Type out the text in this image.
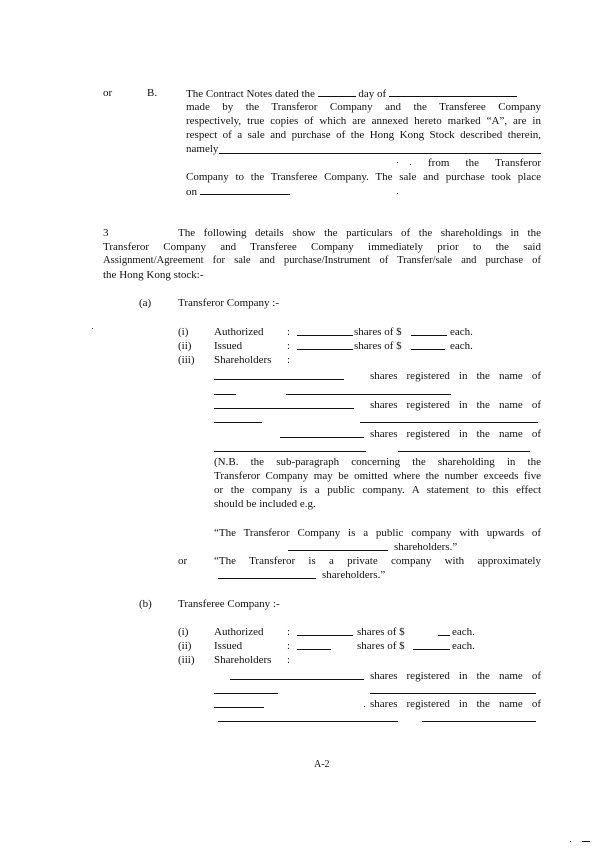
or	B.	The Contract Notes dated the	day of
made by the Transferor Company and the Transferee Company
respectively, true copies of which are annexed hereto marked “A”, are in
respect of a sale and purchase of the Hong Kong Stock described therein,
namely
from the Transferor
Company to the Transferee Company. The sale and purchase took place
on
3	The following details show the particulars of the shareholdings in the
Transferor Company and Transferee Company immediately prior to the said
Assignment/Agreement for sale and purchase/Instrument of Transfer/sale and purchase of
the Hong Kong stock:-
(a) Transferor Company :-
(i) Authorized :	shares of $	each.
(ii) Issued	:	shares of $	each.
(iii) Shareholders :
shares registered in the name of
shares registered in the name of
shares registered in the name of
(N.B. the sub-paragraph concerning the shareholding in the
Transferor Company may be omitted where the number exceeds five
or the company is a public company. A statement to this effect
should be included e.g.
“The Transferor Company is a public company with upwards of
shareholders.”
or “The Transferor is a private company with approximately
shareholders.”
(b) Transferee Company :-
(i) Authorized :	shares of $	each.
(ii) Issued	:	shares of $	each.
(iii) Shareholders :
shares registered in the name of
shares registered in the name of
A-2
